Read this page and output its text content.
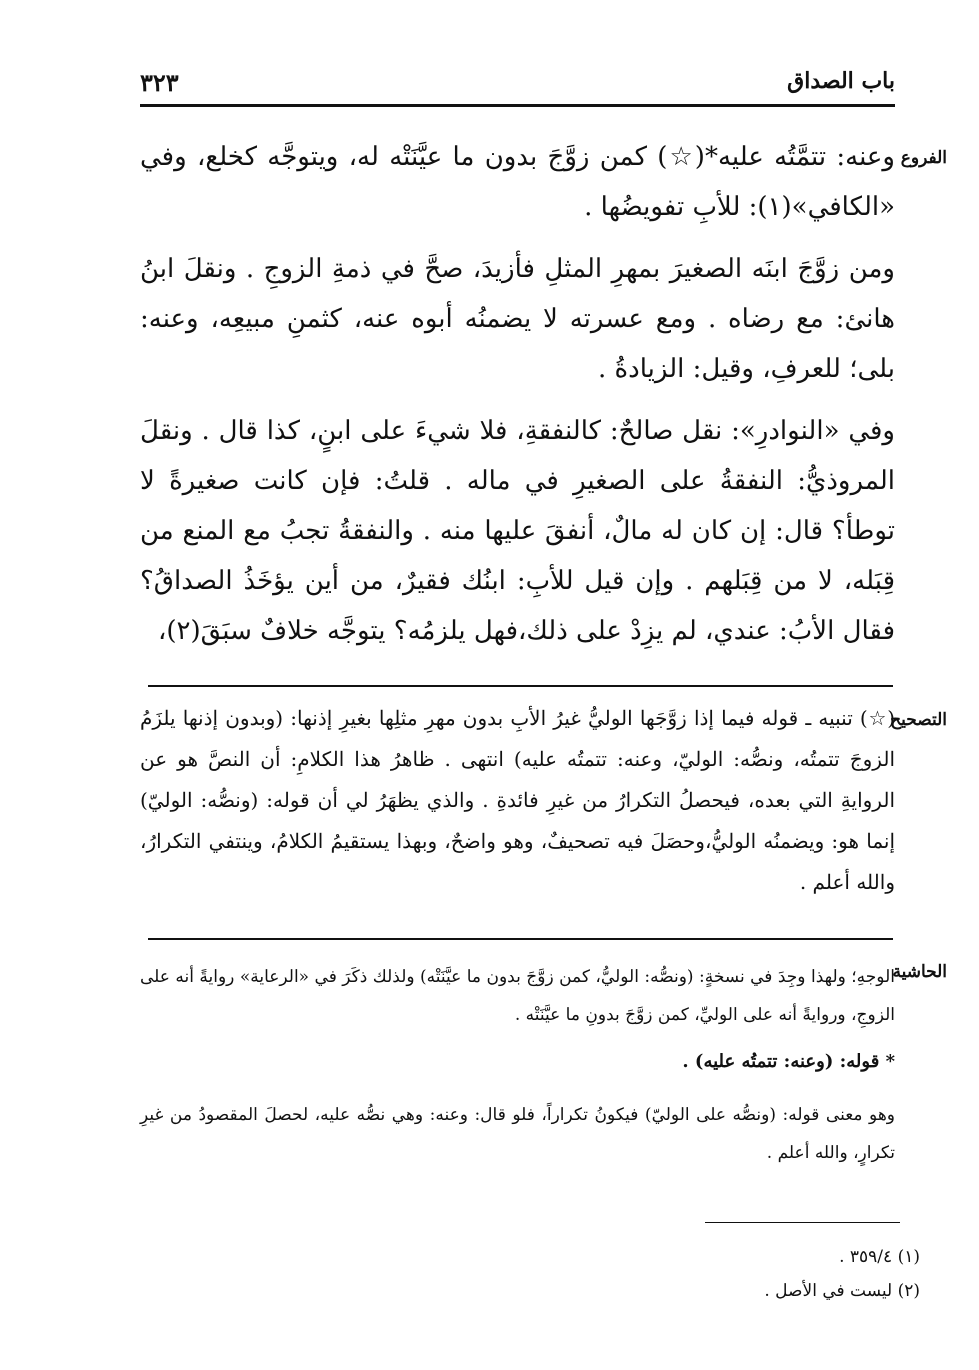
باب الصداق
٣٢٣

وعنه: تتمَّتُه عليه*(☆) كمن زوَّجَ بدون ما عيَّنَتْه له، ويتوجَّه كخلع، وفي «الكافي»(١): للأبِ تفويضُها .

ومن زوَّجَ ابنَه الصغيرَ بمهرِ المثلِ فأزيدَ، صحَّ في ذمةِ الزوجِ . ونقلَ ابنُ هانئ: مع رضاه . ومع عسرته لا يضمنُه أبوه عنه، كثمنِ مبيعِه، وعنه: بلى؛ للعرفِ، وقيل: الزيادةُ .

وفي «النوادرِ»: نقل صالحٌ: كالنفقةِ، فلا شيءَ على ابنٍ، كذا قال . ونقلَ المروذيُّ: النفقةُ على الصغيرِ في ماله . قلتُ: فإن كانت صغيرةً لا توطأ؟ قال: إن كان له مالٌ، أنفقَ عليها منه . والنفقةُ تجبُ مع المنع من قِبَله، لا من قِبَلهم . وإن قيل للأبِ: ابنُك فقيرٌ، من أين يؤخَذُ الصداقُ؟ فقال الأبُ: عندي، لم يزِدْ على ذلك،فهل يلزمُه؟ يتوجَّه خلافٌ سبَقَ(٢)،

الفروع

(☆) تنبيه ـ قوله فيما إذا زوَّجَها الوليُّ غيرُ الأبِ بدون مهرِ مثلِها بغيرِ إذنها: (وبدون إذنها يلزَمُ الزوجَ تتمتُه، ونصُّه: الوليّ، وعنه: تتمتُه عليه) انتهى . ظاهرُ هذا الكلامِ: أن النصَّ هو عن الروايةِ التي بعده، فيحصلُ التكرارُ من غيرِ فائدةِ . والذي يظهَرُ لي أن قوله: (ونصُّه: الوليّ) إنما هو: ويضمنُه الوليُّ،وحصَلَ فيه تصحيفٌ، وهو واضحٌ، وبهذا يستقيمُ الكلامُ، وينتفي التكرارُ، والله أعلم .

التصحيح

الوجهِ؛ ولهذا وجِدَ في نسخةٍ: (ونصُّه: الوليُّ، كمن زوَّجَ بدون ما عيَّنَتْه) ولذلك ذكَرَ في «الرعاية» روايةً أنه على الزوجِ، وروايةً أنه على الوليِّ، كمن زوَّجَ بدونِ ما عيَّنَتْه .

* قوله: (وعنه: تتمتُه عليه) .

وهو معنى قوله: (ونصُّه على الوليّ) فيكونُ تكراراً، فلو قال: وعنه: وهي نصُّه عليه، لحصلَ المقصودُ من غيرِ تكرارٍ، والله أعلم .

الحاشية

(١) ٣٥٩/٤ .

(٢) ليست في الأصل .
